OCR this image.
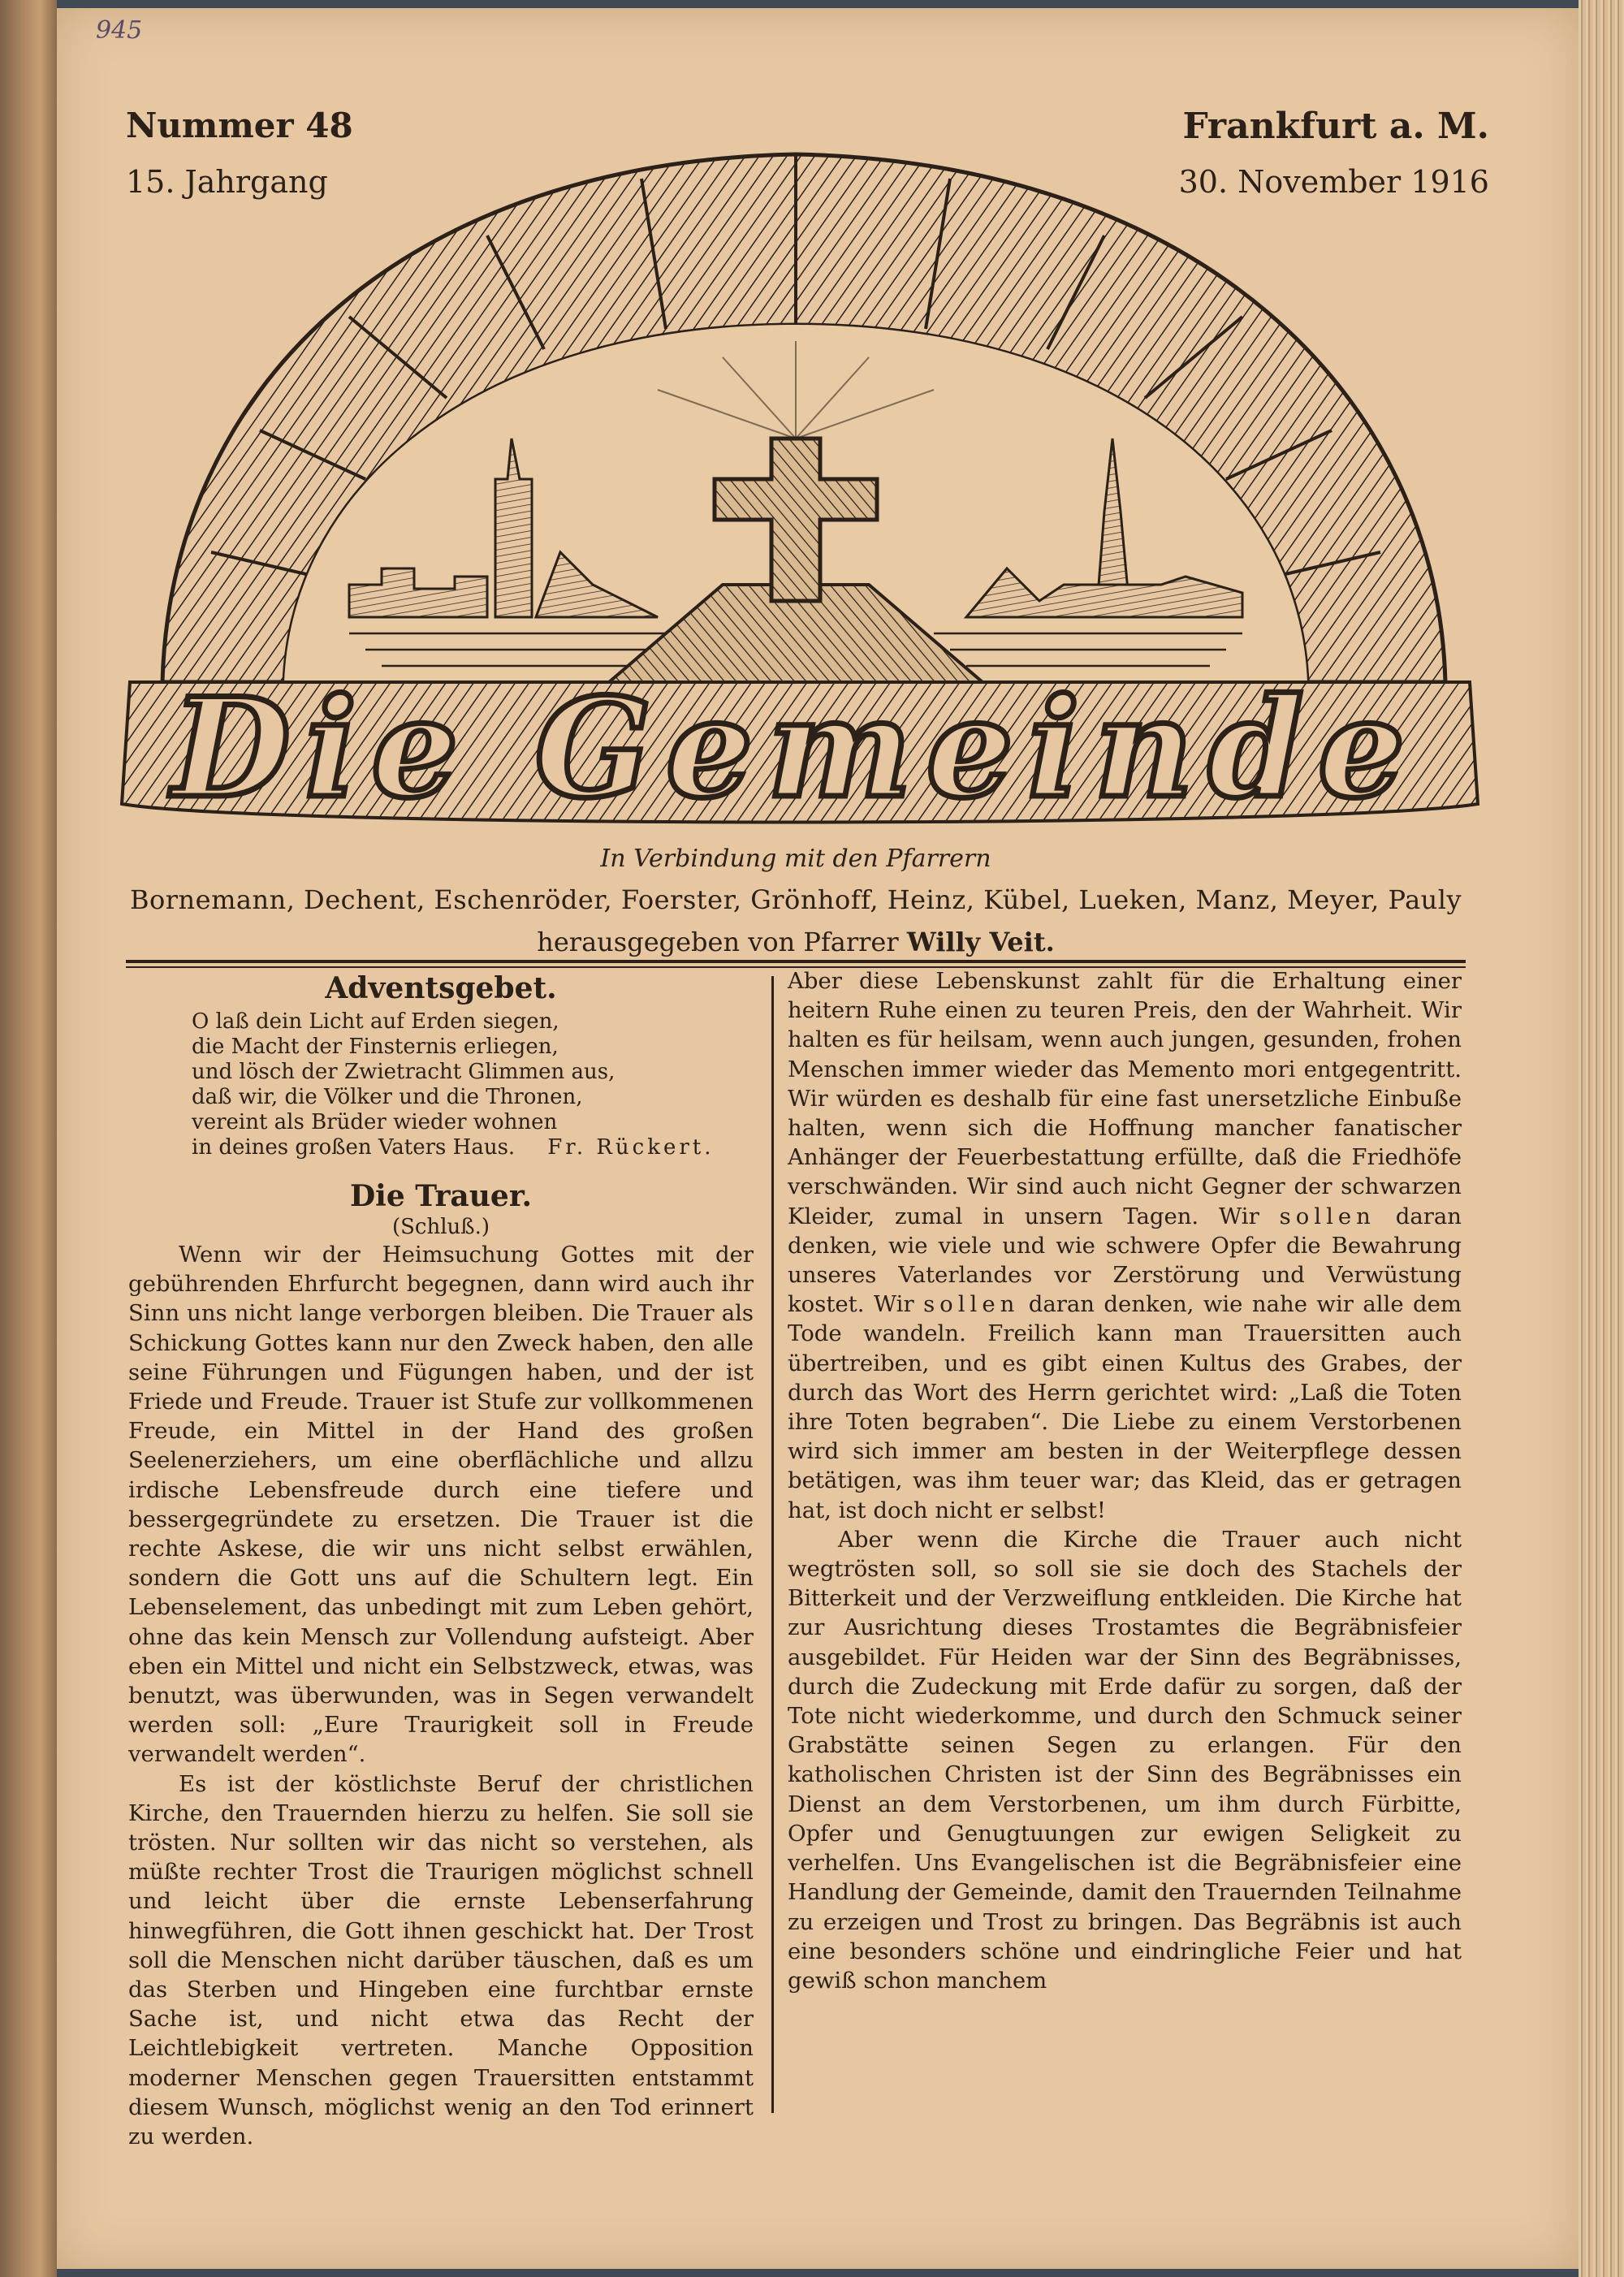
945
Nummer 48
15. Jahrgang
Frankfurt a. M.
30. November 1916
Die Gemeinde
In Verbindung mit den Pfarrern
Bornemann, Dechent, Eschenröder, Foerster, Grönhoff, Heinz, Kübel, Lueken, Manz, Meyer, Pauly
herausgegeben von Pfarrer Willy Veit.
Adventsgebet.
O laß dein Licht auf Erden siegen,
die Macht der Finsternis erliegen,
und lösch der Zwietracht Glimmen aus,
daß wir, die Völker und die Thronen,
vereint als Brüder wieder wohnen
in deines großen Vaters Haus. Fr. Rückert.
Die Trauer.
(Schluß.)

Wenn wir der Heimsuchung Gottes mit der gebührenden Ehrfurcht begegnen, dann wird auch ihr Sinn uns nicht lange verborgen bleiben. Die Trauer als Schickung Gottes kann nur den Zweck haben, den alle seine Führungen und Fügungen haben, und der ist Friede und Freude. Trauer ist Stufe zur vollkommenen Freude, ein Mittel in der Hand des großen Seelenerziehers, um eine oberflächliche und allzu irdische Lebensfreude durch eine tiefere und bessergegründete zu ersetzen. Die Trauer ist die rechte Askese, die wir uns nicht selbst erwählen, sondern die Gott uns auf die Schultern legt. Ein Lebenselement, das unbedingt mit zum Leben gehört, ohne das kein Mensch zur Vollendung aufsteigt. Aber eben ein Mittel und nicht ein Selbstzweck, etwas, was benutzt, was überwunden, was in Segen verwandelt werden soll: „Eure Traurigkeit soll in Freude verwandelt werden“.

Es ist der köstlichste Beruf der christlichen Kirche, den Trauernden hierzu zu helfen. Sie soll sie trösten. Nur sollten wir das nicht so verstehen, als müßte rechter Trost die Traurigen möglichst schnell und leicht über die ernste Lebenserfahrung hinwegführen, die Gott ihnen geschickt hat. Der Trost soll die Menschen nicht darüber täuschen, daß es um das Sterben und Hingeben eine furchtbar ernste Sache ist, und nicht etwa das Recht der Leichtlebigkeit vertreten. Manche Opposition moderner Menschen gegen Trauersitten entstammt diesem Wunsch, möglichst wenig an den Tod erinnert zu werden.

Aber diese Lebenskunst zahlt für die Erhaltung einer heitern Ruhe einen zu teuren Preis, den der Wahrheit. Wir halten es für heilsam, wenn auch jungen, gesunden, frohen Menschen immer wieder das Memento mori entgegentritt. Wir würden es deshalb für eine fast unersetzliche Einbuße halten, wenn sich die Hoffnung mancher fanatischer Anhänger der Feuerbestattung erfüllte, daß die Friedhöfe verschwänden. Wir sind auch nicht Gegner der schwarzen Kleider, zumal in unsern Tagen. Wir sollen daran denken, wie viele und wie schwere Opfer die Bewahrung unseres Vaterlandes vor Zerstörung und Verwüstung kostet. Wir sollen daran denken, wie nahe wir alle dem Tode wandeln. Freilich kann man Trauersitten auch übertreiben, und es gibt einen Kultus des Grabes, der durch das Wort des Herrn gerichtet wird: „Laß die Toten ihre Toten begraben“. Die Liebe zu einem Verstorbenen wird sich immer am besten in der Weiterpflege dessen betätigen, was ihm teuer war; das Kleid, das er getragen hat, ist doch nicht er selbst!

Aber wenn die Kirche die Trauer auch nicht wegtrösten soll, so soll sie sie doch des Stachels der Bitterkeit und der Verzweiflung entkleiden. Die Kirche hat zur Ausrichtung dieses Trostamtes die Begräbnisfeier ausgebildet. Für Heiden war der Sinn des Begräbnisses, durch die Zudeckung mit Erde dafür zu sorgen, daß der Tote nicht wiederkomme, und durch den Schmuck seiner Grabstätte seinen Segen zu erlangen. Für den katholischen Christen ist der Sinn des Begräbnisses ein Dienst an dem Verstorbenen, um ihm durch Fürbitte, Opfer und Genugtuungen zur ewigen Seligkeit zu verhelfen. Uns Evangelischen ist die Begräbnisfeier eine Handlung der Gemeinde, damit den Trauernden Teilnahme zu erzeigen und Trost zu bringen. Das Begräbnis ist auch eine besonders schöne und eindringliche Feier und hat gewiß schon manchem
